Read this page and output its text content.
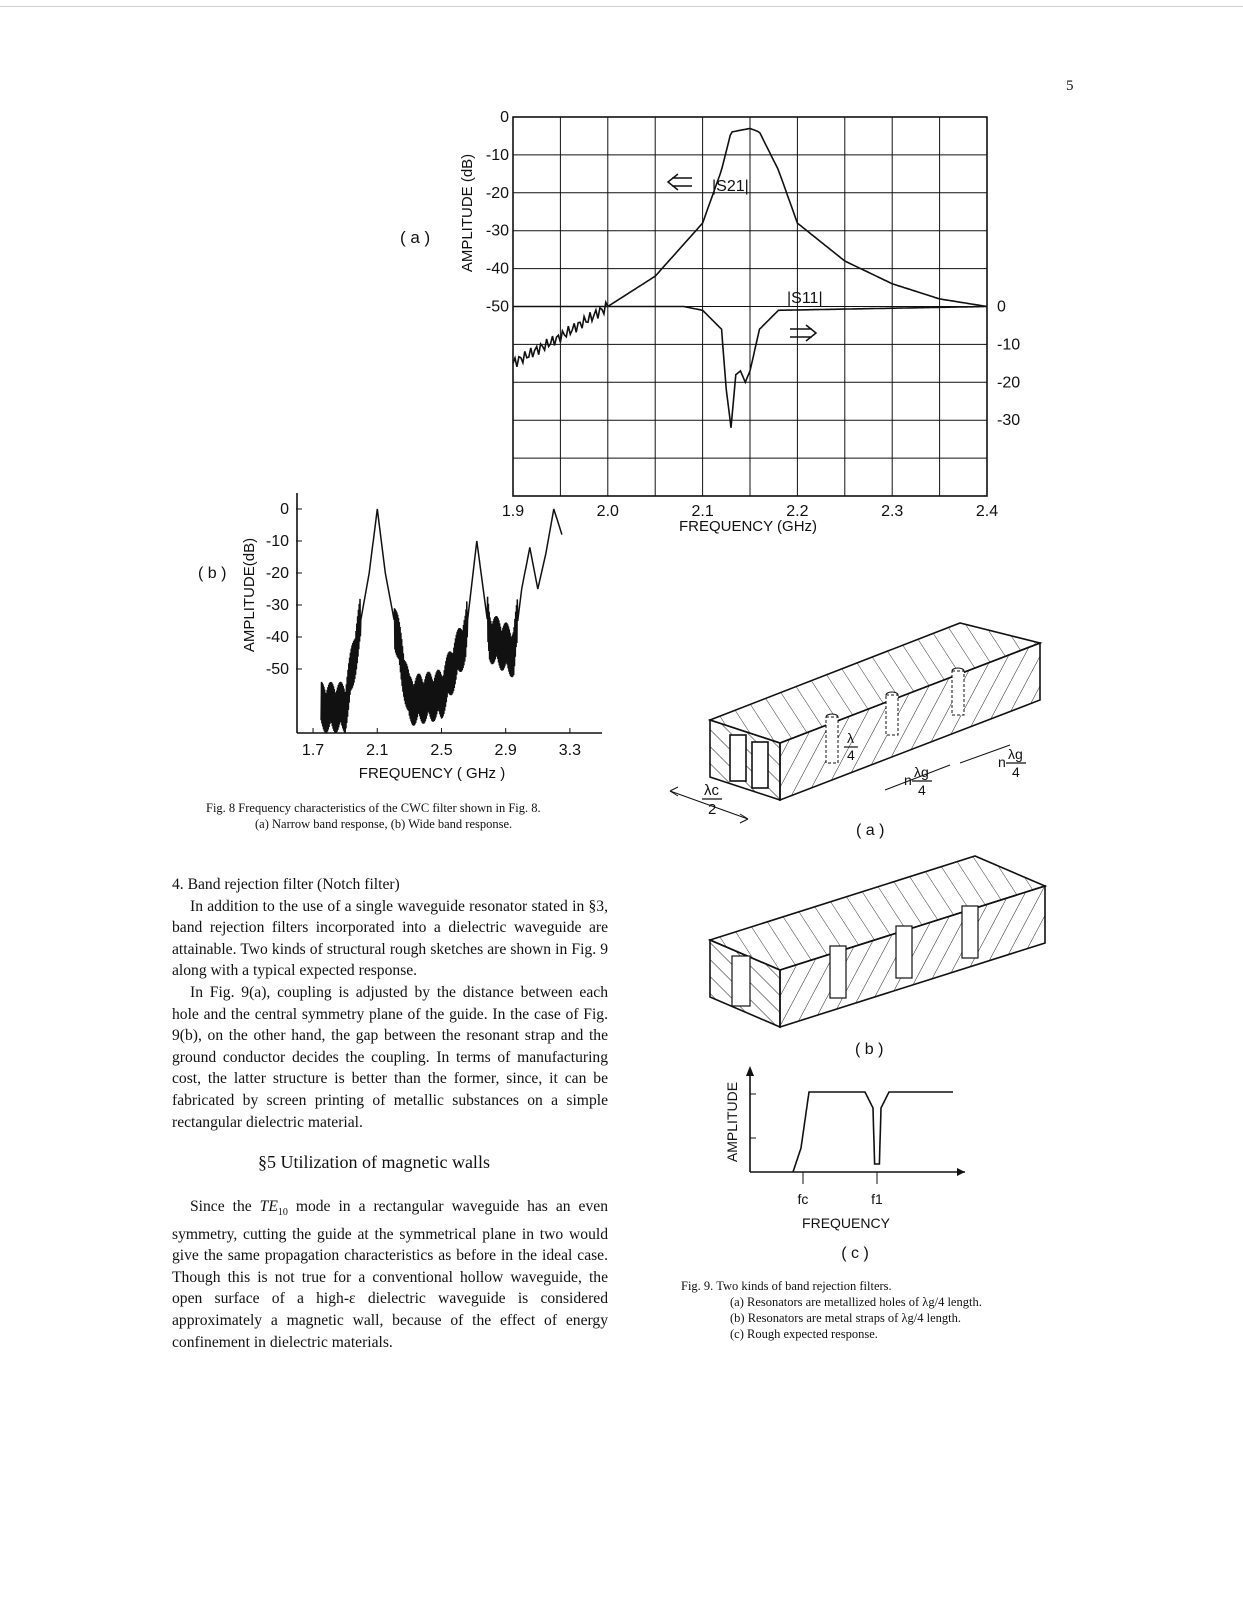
5
0
-10
-20
-30
-40
-50	0
-10
-20
-30
1.9	2.0	2.1	2.2	2.3	2.4
( a ) AMPLITUDE (dB)
FREQUENCY (GHz)
|S21|
|S11|
0
-10
-20
-30
-40
-50
1.7	2.1	2.5	2.9	3.3
( b ) AMPLITUDE(dB)
FREQUENCY ( GHz )
Fig. 8 Frequency characteristics of the CWC filter shown in Fig. 8.
(a) Narrow band response, (b) Wide band response.
λc
2
λ
4
n λg
4
n λg
4
( a )
( b )
AMPLITUDE
fc	f1
FREQUENCY
( c )
Fig. 9. Two kinds of band rejection filters.
(a) Resonators are metallized holes of λg/4 length.
(b) Resonators are metal straps of λg/4 length.
(c) Rough expected response.

4. Band rejection filter (Notch filter)

In addition to the use of a single waveguide resonator stated in §3, band rejection filters incorporated into a dielectric waveguide are attainable. Two kinds of structural rough sketches are shown in Fig. 9 along with a typical expected response.

In Fig. 9(a), coupling is adjusted by the distance between each hole and the central symmetry plane of the guide. In the case of Fig. 9(b), on the other hand, the gap between the resonant strap and the ground conductor decides the coupling. In terms of manufacturing cost, the latter structure is better than the former, since, it can be fabricated by screen printing of metallic substances on a simple rectangular dielectric material.

§5 Utilization of magnetic walls

Since the $TE_{10}$ mode in a rectangular waveguide has an even symmetry, cutting the guide at the symmetrical plane in two would give the same propagation characteristics as before in the ideal case. Though this is not true for a conventional hollow waveguide, the open surface of a high-ε dielectric waveguide is considered approximately a magnetic wall, because of the effect of energy confinement in dielectric materials.
